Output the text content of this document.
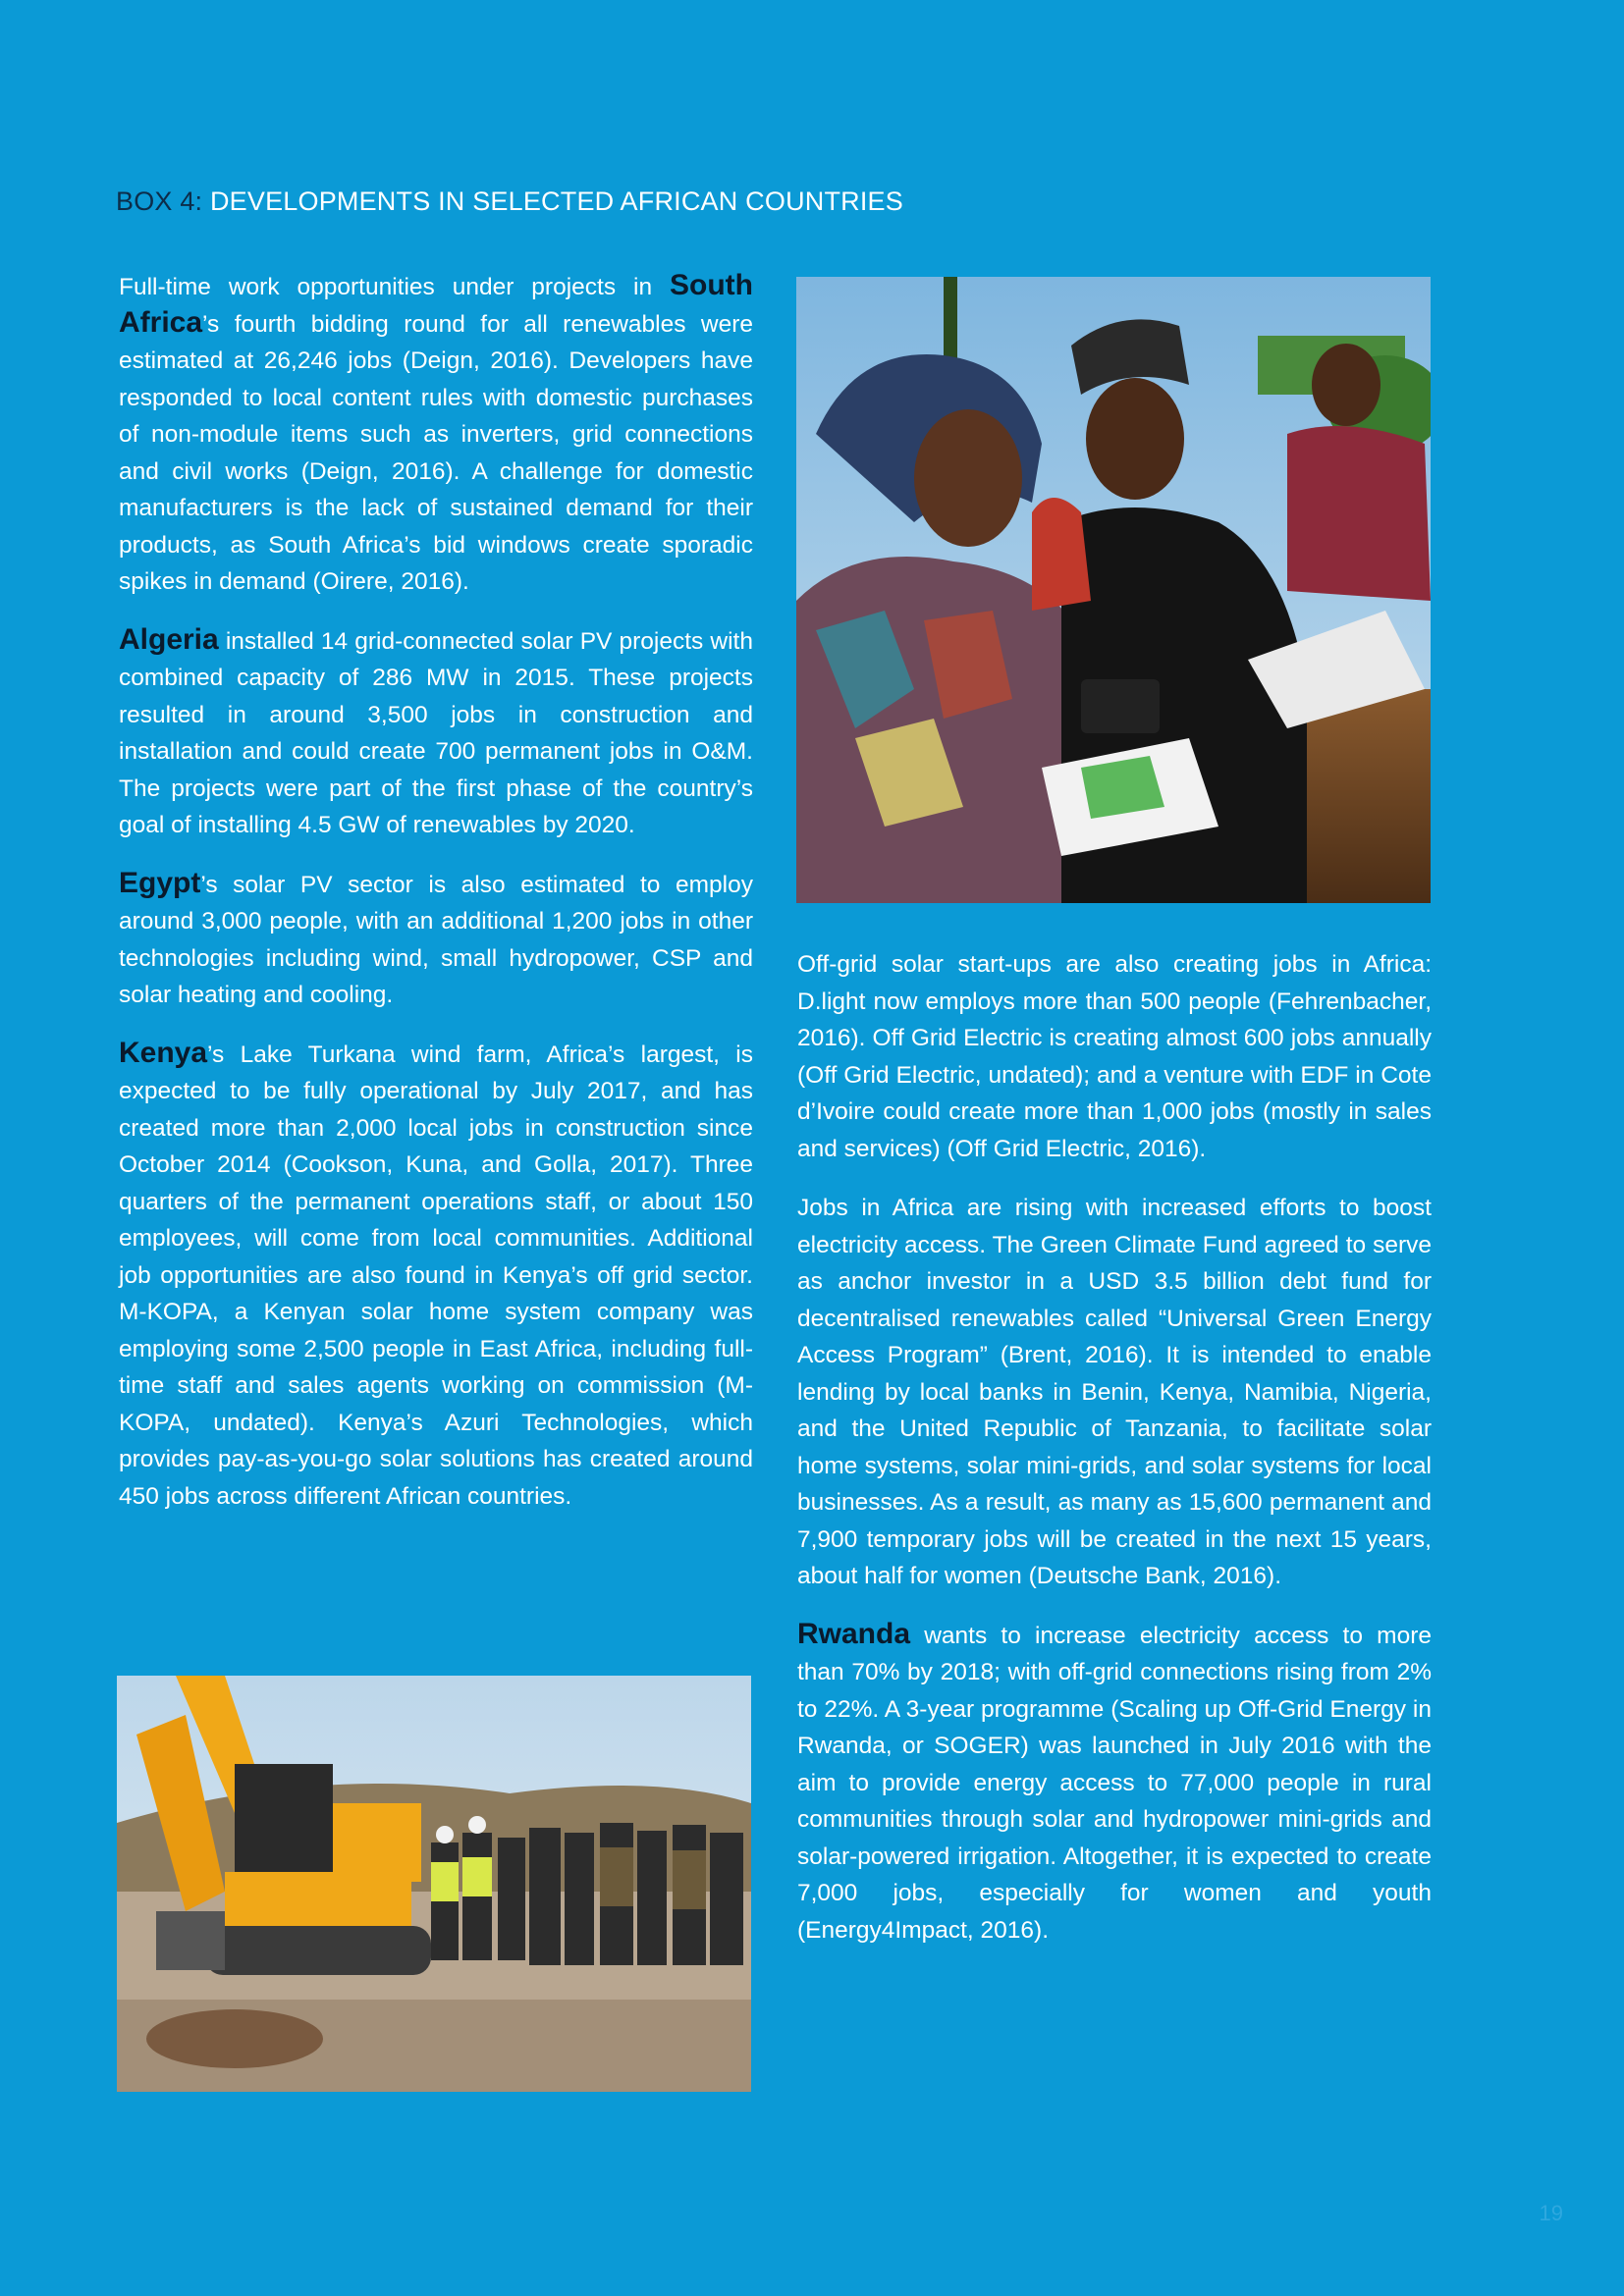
BOX 4: DEVELOPMENTS IN SELECTED AFRICAN COUNTRIES

Full-time work opportunities under projects in South Africa’s fourth bidding round for all renewables were estimated at 26,246 jobs (Deign, 2016). Developers have responded to local content rules with domestic purchases of non-module items such as inverters, grid connections and civil works (Deign, 2016). A challenge for domestic manufacturers is the lack of sustained demand for their products, as South Africa’s bid windows create sporadic spikes in demand (Oirere, 2016).

Algeria installed 14 grid-connected solar PV projects with combined capacity of 286 MW in 2015. These projects resulted in around 3,500 jobs in construction and installation and could create 700 permanent jobs in O&M. The projects were part of the first phase of the country’s goal of installing 4.5 GW of renewables by 2020.

Egypt’s solar PV sector is also estimated to employ around 3,000 people, with an additional 1,200 jobs in other technologies including wind, small hydropower, CSP and solar heating and cooling.

Kenya’s Lake Turkana wind farm, Africa’s largest, is expected to be fully operational by July 2017, and has created more than 2,000 local jobs in construction since October 2014 (Cookson, Kuna, and Golla, 2017). Three quarters of the permanent operations staff, or about 150 employees, will come from local communities. Additional job opportunities are also found in Kenya’s off grid sector. M-KOPA, a Kenyan solar home system company was employing some 2,500 people in East Africa, including full-time staff and sales agents working on commission (M-KOPA, undated). Kenya’s Azuri Technologies, which provides pay-as-you-go solar solutions has created around 450 jobs across different African countries.

Off-grid solar start-ups are also creating jobs in Africa: D.light now employs more than 500 people (Fehrenbacher, 2016). Off Grid Electric is creating almost 600 jobs annually (Off Grid Electric, undated); and a venture with EDF in Cote d’Ivoire could create more than 1,000 jobs (mostly in sales and services) (Off Grid Electric, 2016).

Jobs in Africa are rising with increased efforts to boost electricity access. The Green Climate Fund agreed to serve as anchor investor in a USD 3.5 billion debt fund for decentralised renewables called “Universal Green Energy Access Program” (Brent, 2016). It is intended to enable lending by local banks in Benin, Kenya, Namibia, Nigeria, and the United Republic of Tanzania, to facilitate solar home systems, solar mini-grids, and solar systems for local businesses. As a result, as many as 15,600 permanent and 7,900 temporary jobs will be created in the next 15 years, about half for women (Deutsche Bank, 2016).

Rwanda wants to increase electricity access to more than 70% by 2018; with off-grid connections rising from 2% to 22%. A 3-year programme (Scaling up Off-Grid Energy in Rwanda, or SOGER) was launched in July 2016 with the aim to provide energy access to 77,000 people in rural communities through solar and hydropower mini-grids and solar-powered irrigation. Altogether, it is expected to create 7,000 jobs, especially for women and youth (Energy4Impact, 2016).

19
